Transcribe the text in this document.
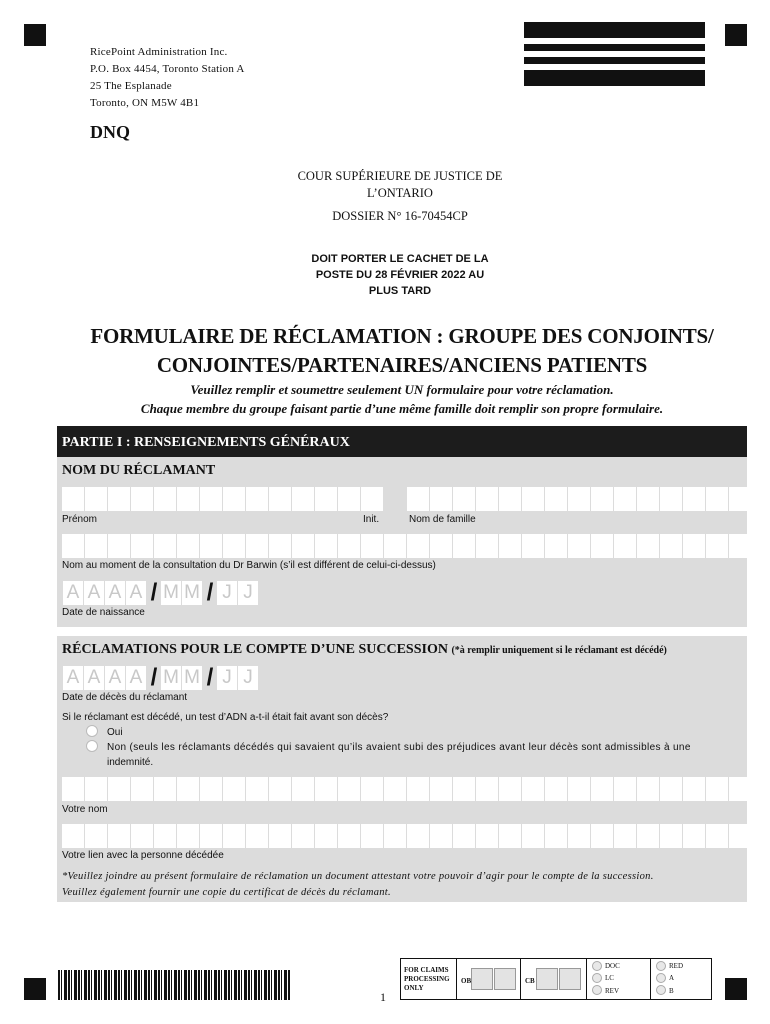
RicePoint Administration Inc.
P.O. Box 4454, Toronto Station A
25 The Esplanade
Toronto, ON M5W 4B1
DNQ
COUR SUPÉRIEURE DE JUSTICE DE
L’ONTARIO
DOSSIER N° 16-70454CP
DOIT PORTER LE CACHET DE LA
POSTE DU 28 FÉVRIER 2022 AU
PLUS TARD
FORMULAIRE DE RÉCLAMATION : GROUPE DES CONJOINTS/
CONJOINTES/PARTENAIRES/ANCIENS PATIENTS
Veuillez remplir et soumettre seulement UN formulaire pour votre réclamation.
Chaque membre du groupe faisant partie d’une même famille doit remplir son propre formulaire.
PARTIE I : RENSEIGNEMENTS GÉNÉRAUX
NOM DU RÉCLAMANT
Prénom	Init.	Nom de famille
Nom au moment de la consultation du Dr Barwin (s’il est différent de celui-ci-dessus)
A A A A / M M / J J
Date de naissance
RÉCLAMATIONS POUR LE COMPTE D’UNE SUCCESSION (*à remplir uniquement si le réclamant est décédé)
A A A A / M M / J J
Date de décès du réclamant
Si le réclamant est décédé, un test d’ADN a-t-il était fait avant son décès?
Oui
Non (seuls les réclamants décédés qui savaient qu’ils avaient subi des préjudices avant leur décès sont admissibles à une
indemnité.
Votre nom
Votre lien avec la personne décédée
*Veuillez joindre au présent formulaire de réclamation un document attestant votre pouvoir d’agir pour le compte de la succession.
Veuillez également fournir une copie du certificat de décès du réclamant.
1
FOR CLAIMS
PROCESSING
ONLY
OB	CB
DOC
LC
REV
RED
A
B
